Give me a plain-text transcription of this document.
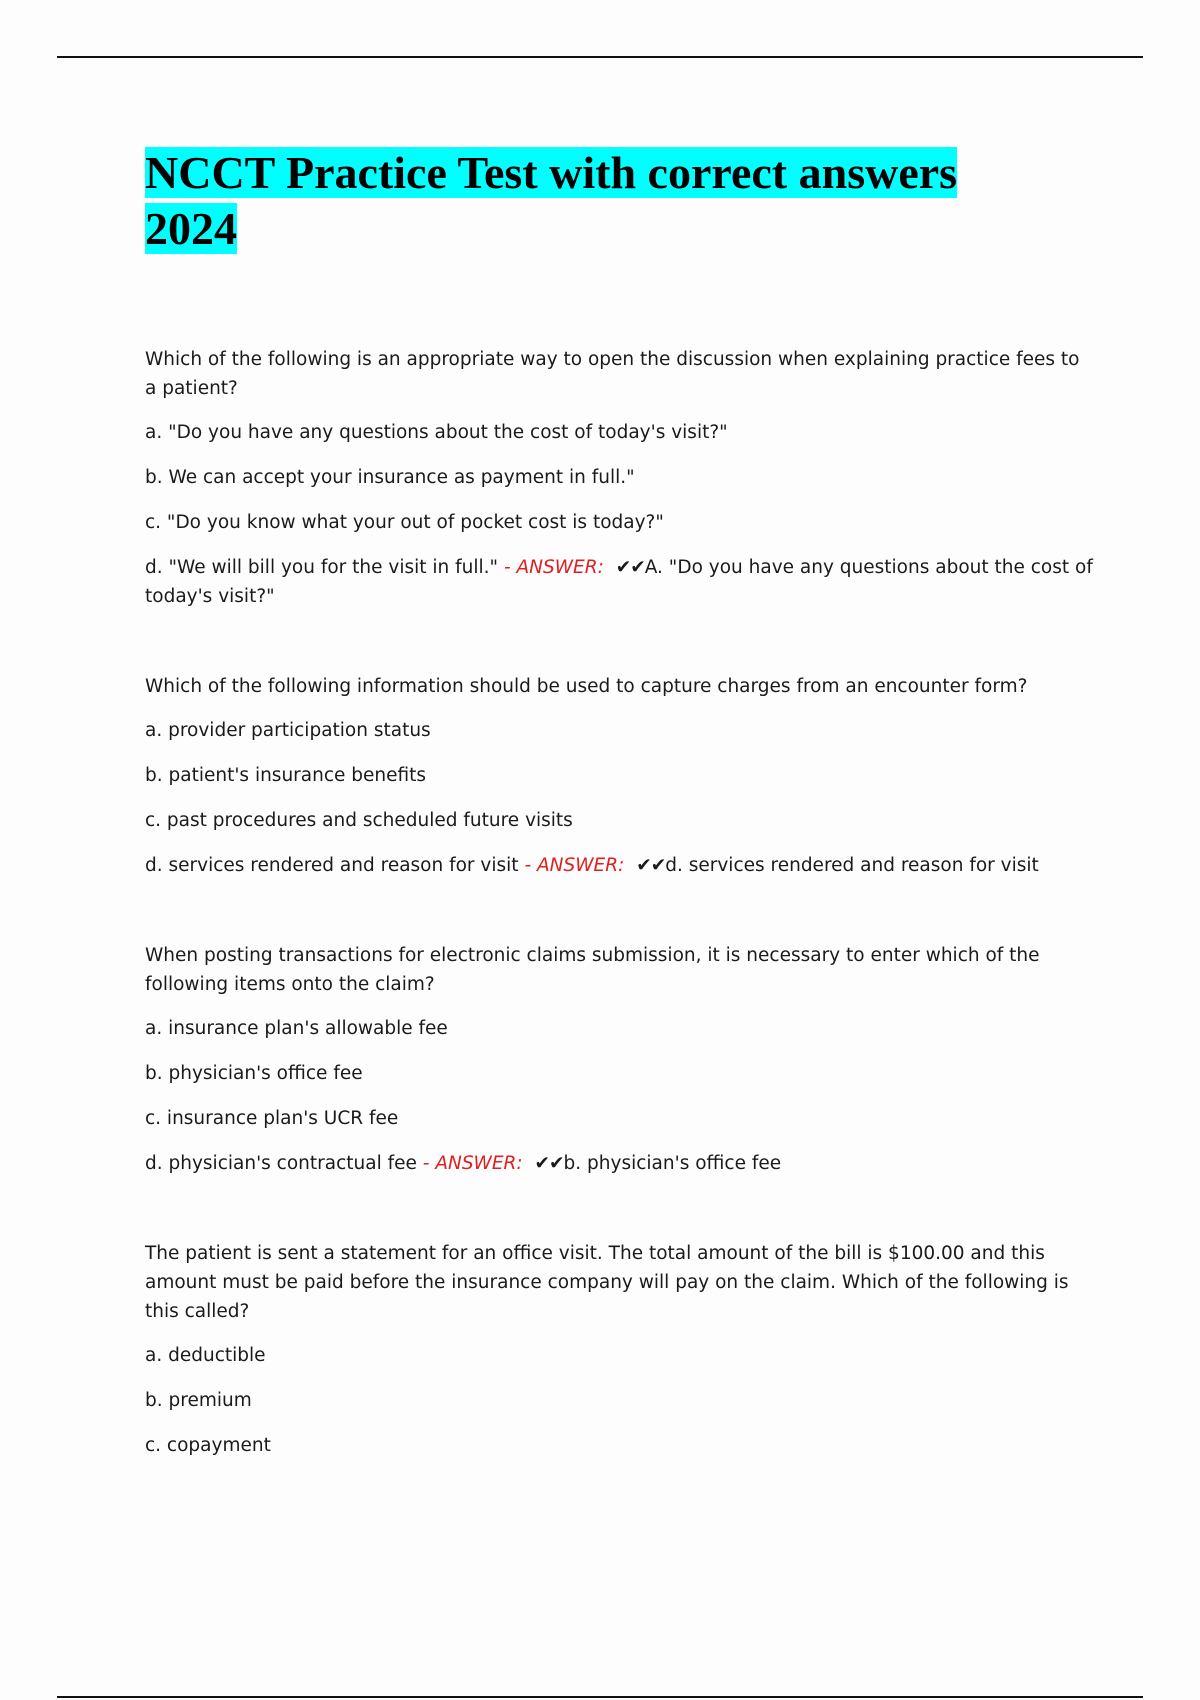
NCCT Practice Test with correct answers 2024

Which of the following is an appropriate way to open the discussion when explaining practice fees to a patient?

a. "Do you have any questions about the cost of today's visit?"

b. We can accept your insurance as payment in full."

c. "Do you know what your out of pocket cost is today?"

d. "We will bill you for the visit in full." - ANSWER: ✔✔A. "Do you have any questions about the cost of today's visit?"

Which of the following information should be used to capture charges from an encounter form?

a. provider participation status

b. patient's insurance benefits

c. past procedures and scheduled future visits

d. services rendered and reason for visit - ANSWER: ✔✔d. services rendered and reason for visit

When posting transactions for electronic claims submission, it is necessary to enter which of the following items onto the claim?

a. insurance plan's allowable fee

b. physician's office fee

c. insurance plan's UCR fee

d. physician's contractual fee - ANSWER: ✔✔b. physician's office fee

The patient is sent a statement for an office visit. The total amount of the bill is $100.00 and this amount must be paid before the insurance company will pay on the claim. Which of the following is this called?

a. deductible

b. premium

c. copayment
